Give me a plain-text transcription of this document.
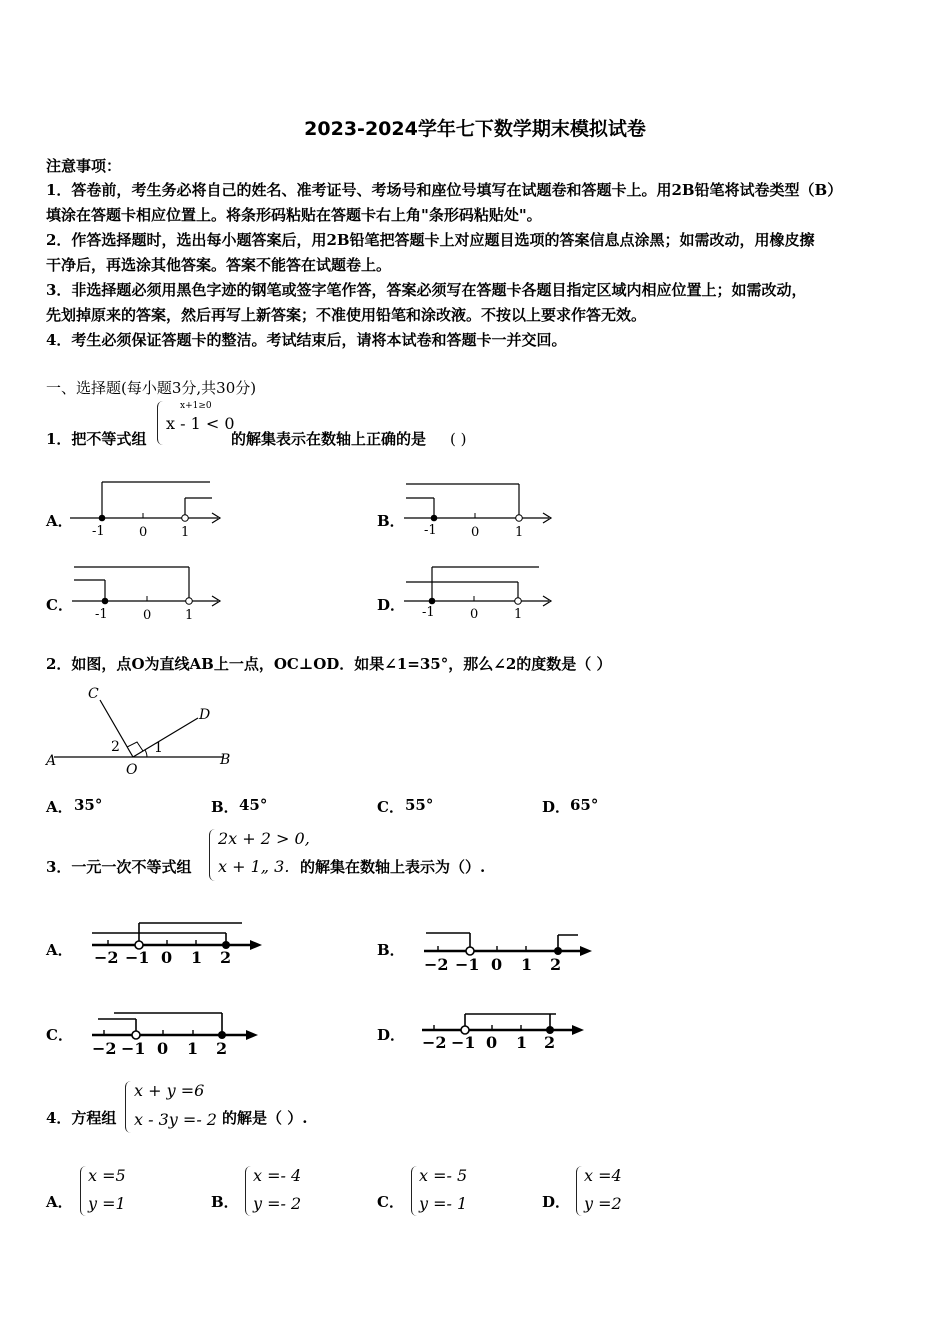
2023-2024学年七下数学期末模拟试卷
注意事项：
1．答卷前，考生务必将自己的姓名、准考证号、考场号和座位号填写在试题卷和答题卡上。用2B铅笔将试卷类型（B）
填涂在答题卡相应位置上。将条形码粘贴在答题卡右上角"条形码粘贴处"。
2．作答选择题时，选出每小题答案后，用2B铅笔把答题卡上对应题目选项的答案信息点涂黑；如需改动，用橡皮擦
干净后，再选涂其他答案。答案不能答在试题卷上。
3．非选择题必须用黑色字迹的钢笔或签字笔作答，答案必须写在答题卡各题目指定区域内相应位置上；如需改动，
先划掉原来的答案，然后再写上新答案；不准使用铅笔和涂改液。不按以上要求作答无效。
4．考生必须保证答题卡的整洁。考试结束后，请将本试卷和答题卡一并交回。
一、选择题(每小题3分,共30分)
1．把不等式组
x+1≥0
x - 1 < 0
的解集表示在数轴上正确的是 ( )
A．	B．
C．	D．
-1	0	1	-1	0	1
-1	0	1	-1	0	1
2．如图，点O为直线AB上一点，OC⊥OD．如果∠1=35°，那么∠2的度数是（ ）
A	B
C
D
O
1
2
A． 35°	B． 45°	C． 55°	D． 65°
3．一元一次不等式组
2x + 2 > 0,
x + 1„ 3. 的解集在数轴上表示为（）.
A．	B．
C．	D．
−2 −1 0 1 2	−2 −1 0 1 2
−2 −1 0 1 2	−2 −1 0 1 2
4．方程组
x + y =6
x - 3y =- 2 的解是（ ）.
A．
x =5
y =1	B．
x =- 4
y =- 2	C．
x =- 5
y =- 1	D．
x =4
y =2
